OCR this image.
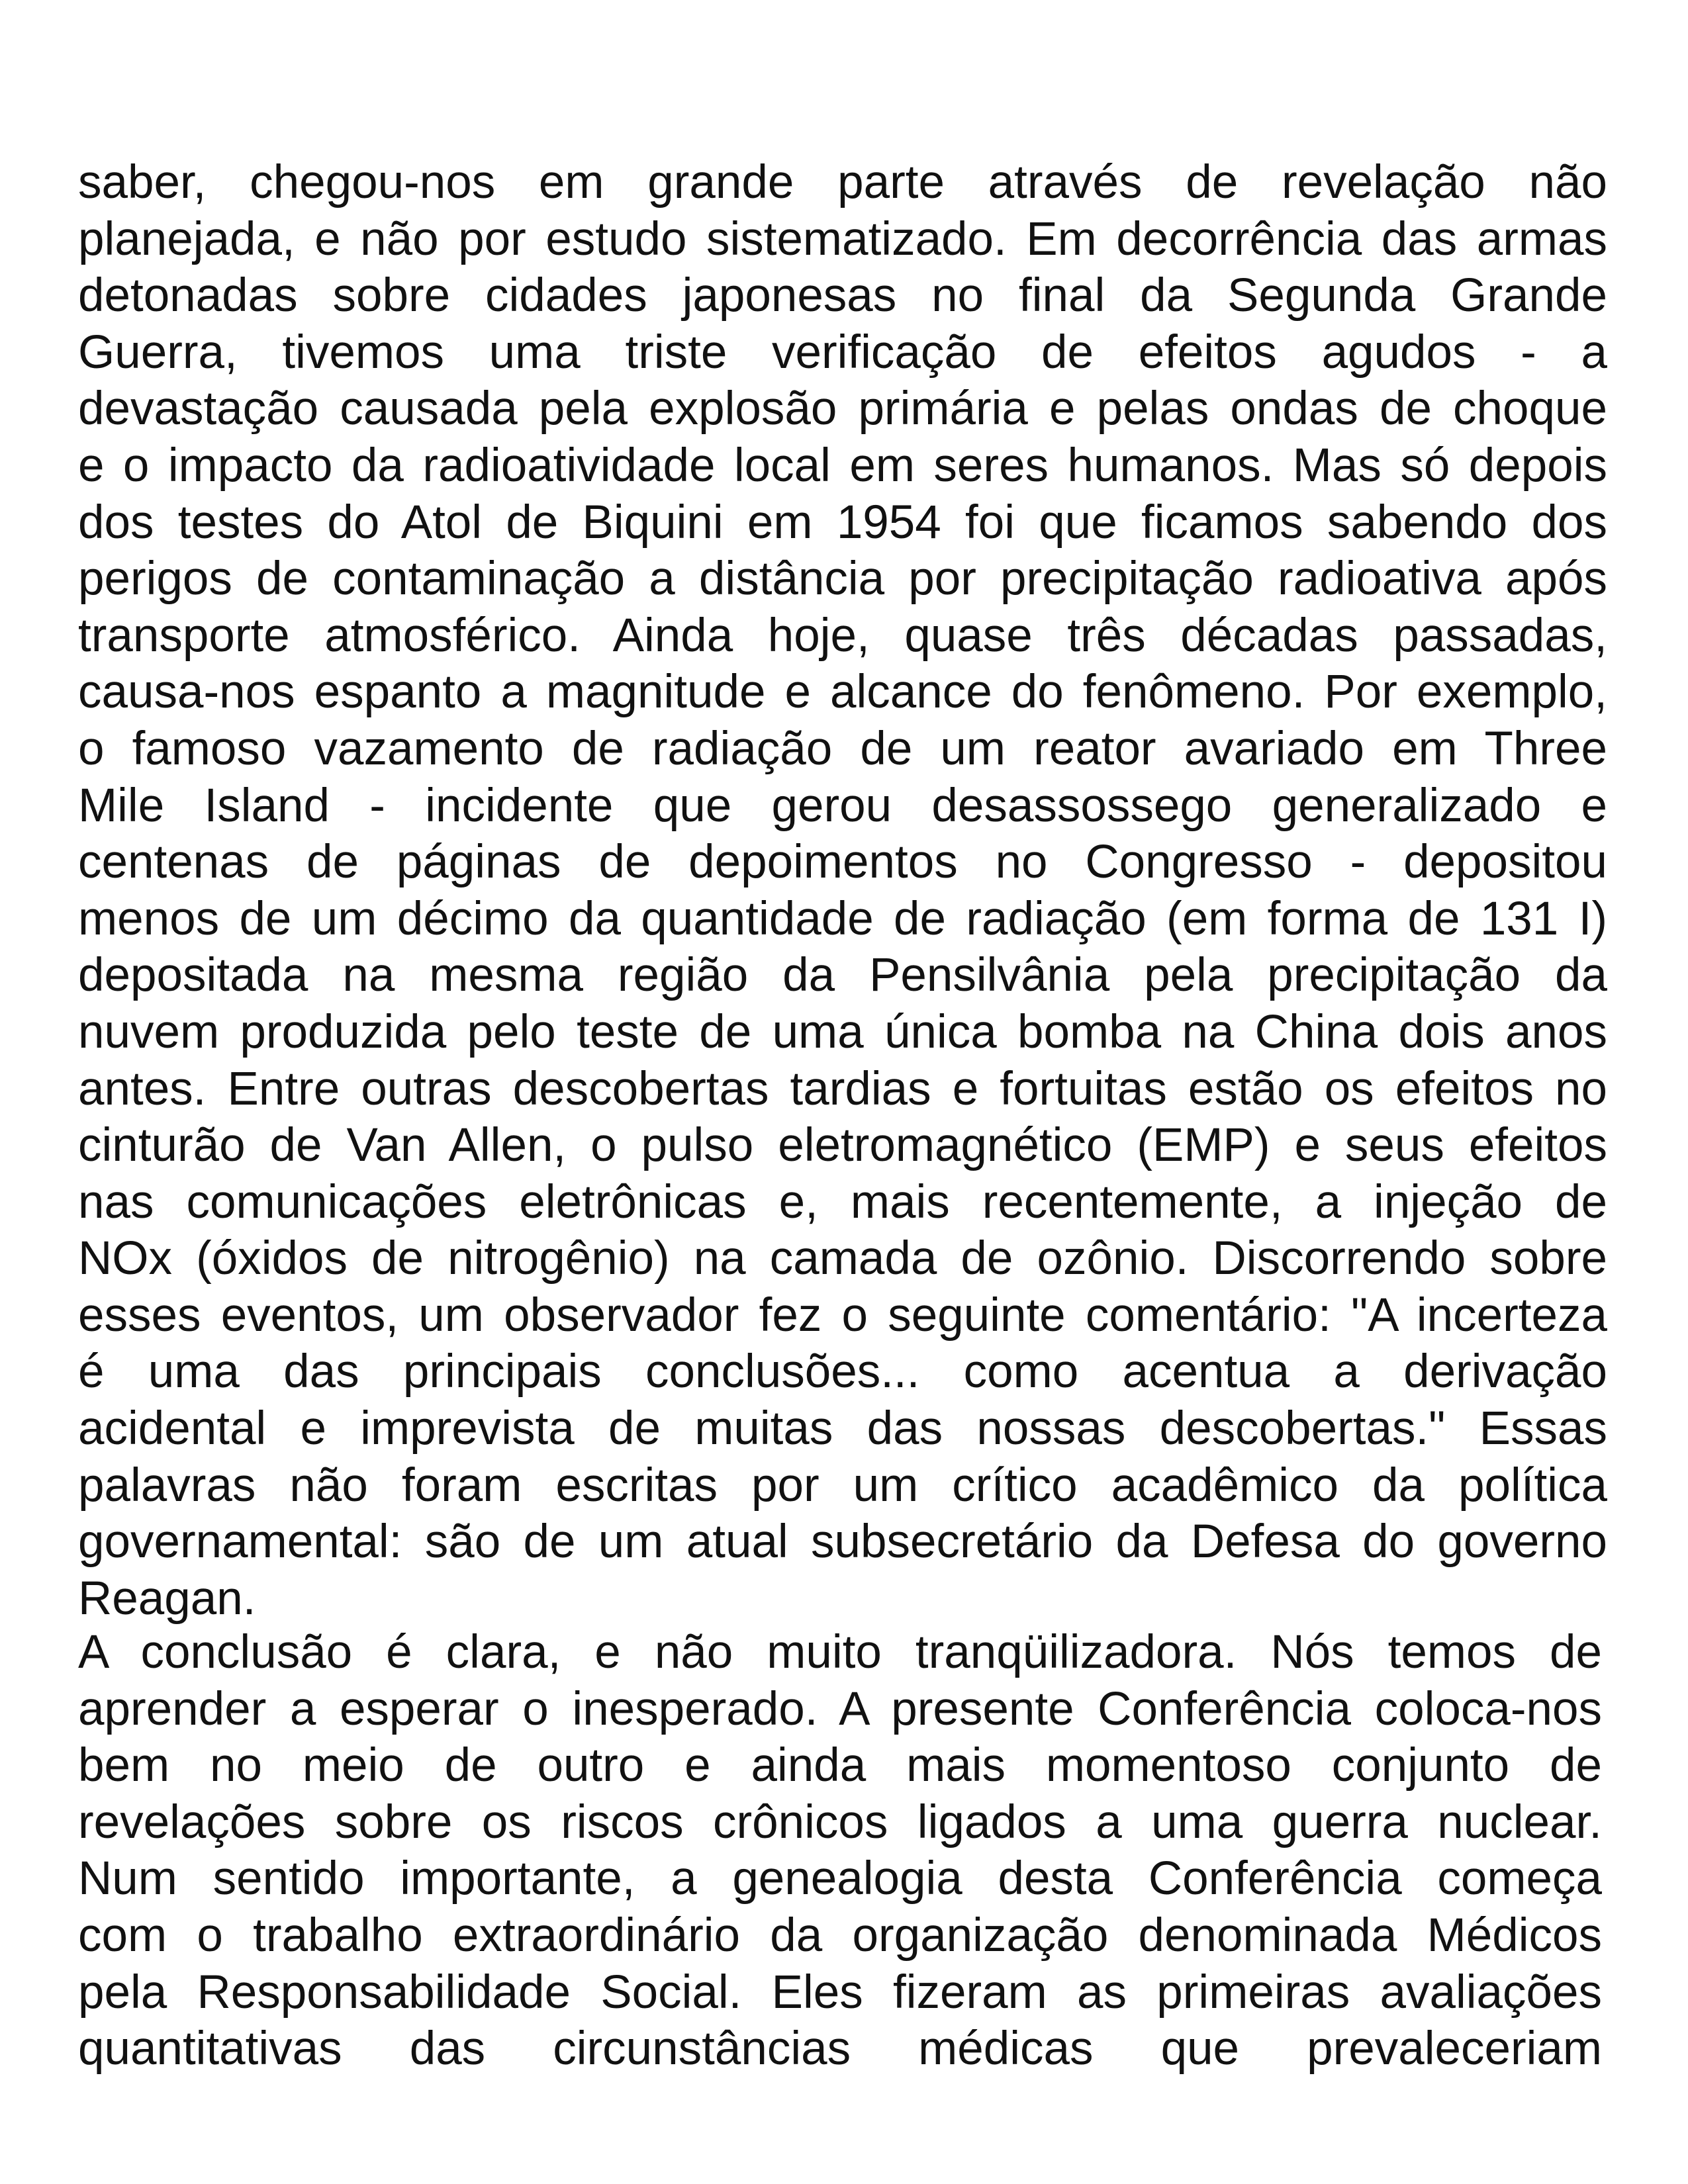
saber, chegou-nos em grande parte através de revelação não
planejada, e não por estudo sistematizado. Em decorrência das armas
detonadas sobre cidades japonesas no final da Segunda Grande
Guerra, tivemos uma triste verificação de efeitos agudos - a
devastação causada pela explosão primária e pelas ondas de choque
e o impacto da radioatividade local em seres humanos. Mas só depois
dos testes do Atol de Biquini em 1954 foi que ficamos sabendo dos
perigos de contaminação a distância por precipitação radioativa após
transporte atmosférico. Ainda hoje, quase três décadas passadas,
causa-nos espanto a magnitude e alcance do fenômeno. Por exemplo,
o famoso vazamento de radiação de um reator avariado em Three
Mile Island - incidente que gerou desassossego generalizado e
centenas de páginas de depoimentos no Congresso - depositou
menos de um décimo da quantidade de radiação (em forma de 131 I)
depositada na mesma região da Pensilvânia pela precipitação da
nuvem produzida pelo teste de uma única bomba na China dois anos
antes. Entre outras descobertas tardias e fortuitas estão os efeitos no
cinturão de Van Allen, o pulso eletromagnético (EMP) e seus efeitos
nas comunicações eletrônicas e, mais recentemente, a injeção de
NOx (óxidos de nitrogênio) na camada de ozônio. Discorrendo sobre
esses eventos, um observador fez o seguinte comentário: "A incerteza
é uma das principais conclusões... como acentua a derivação
acidental e imprevista de muitas das nossas descobertas." Essas
palavras não foram escritas por um crítico acadêmico da política
governamental: são de um atual subsecretário da Defesa do governo
Reagan.
A conclusão é clara, e não muito tranqüilizadora. Nós temos de
aprender a esperar o inesperado. A presente Conferência coloca-nos
bem no meio de outro e ainda mais momentoso conjunto de
revelações sobre os riscos crônicos ligados a uma guerra nuclear.
Num sentido importante, a genealogia desta Conferência começa
com o trabalho extraordinário da organização denominada Médicos
pela Responsabilidade Social. Eles fizeram as primeiras avaliações
quantitativas das circunstâncias médicas que prevaleceriam
